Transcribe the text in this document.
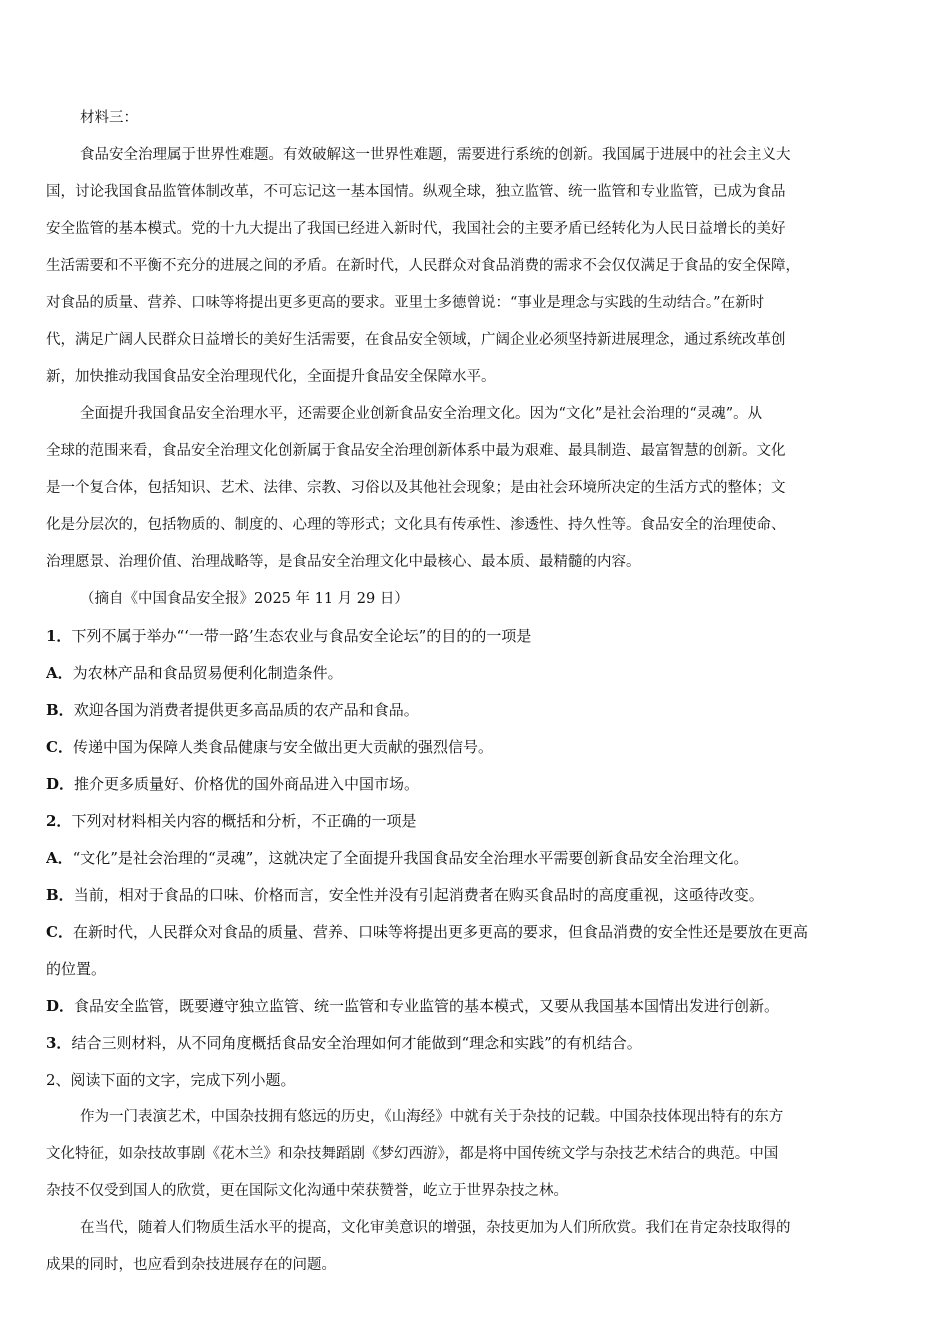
材料三：
食品安全治理属于世界性难题。有效破解这一世界性难题，需要进行系统的创新。我国属于进展中的社会主义大
国，讨论我国食品监管体制改革，不可忘记这一基本国情。纵观全球，独立监管、统一监管和专业监管，已成为食品
安全监管的基本模式。党的十九大提出了我国已经进入新时代，我国社会的主要矛盾已经转化为人民日益增长的美好
生活需要和不平衡不充分的进展之间的矛盾。在新时代，人民群众对食品消费的需求不会仅仅满足于食品的安全保障，
对食品的质量、营养、口味等将提出更多更高的要求。亚里士多德曾说：“事业是理念与实践的生动结合。”在新时
代，满足广阔人民群众日益增长的美好生活需要，在食品安全领域，广阔企业必须坚持新进展理念，通过系统改革创
新，加快推动我国食品安全治理现代化，全面提升食品安全保障水平。
全面提升我国食品安全治理水平，还需要企业创新食品安全治理文化。因为“文化”是社会治理的“灵魂”。从
全球的范围来看，食品安全治理文化创新属于食品安全治理创新体系中最为艰难、最具制造、最富智慧的创新。文化
是一个复合体，包括知识、艺术、法律、宗教、习俗以及其他社会现象；是由社会环境所决定的生活方式的整体；文
化是分层次的，包括物质的、制度的、心理的等形式；文化具有传承性、渗透性、持久性等。食品安全的治理使命、
治理愿景、治理价值、治理战略等，是食品安全治理文化中最核心、最本质、最精髓的内容。
（摘自《中国食品安全报》2025 年 11 月 29 日）
1．下列不属于举办“‘一带一路’生态农业与食品安全论坛”的目的的一项是
A．为农林产品和食品贸易便利化制造条件。
B．欢迎各国为消费者提供更多高品质的农产品和食品。
C．传递中国为保障人类食品健康与安全做出更大贡献的强烈信号。
D．推介更多质量好、价格优的国外商品进入中国市场。
2．下列对材料相关内容的概括和分析，不正确的一项是
A．“文化”是社会治理的“灵魂”，这就决定了全面提升我国食品安全治理水平需要创新食品安全治理文化。
B．当前，相对于食品的口味、价格而言，安全性并没有引起消费者在购买食品时的高度重视，这亟待改变。
C．在新时代，人民群众对食品的质量、营养、口味等将提出更多更高的要求，但食品消费的安全性还是要放在更高
的位置。
D．食品安全监管，既要遵守独立监管、统一监管和专业监管的基本模式，又要从我国基本国情出发进行创新。
3．结合三则材料，从不同角度概括食品安全治理如何才能做到“理念和实践”的有机结合。
2、阅读下面的文字，完成下列小题。
作为一门表演艺术，中国杂技拥有悠远的历史，《山海经》中就有关于杂技的记载。中国杂技体现出特有的东方
文化特征，如杂技故事剧《花木兰》和杂技舞蹈剧《梦幻西游》，都是将中国传统文学与杂技艺术结合的典范。中国
杂技不仅受到国人的欣赏，更在国际文化沟通中荣获赞誉，屹立于世界杂技之林。
在当代，随着人们物质生活水平的提高，文化审美意识的增强，杂技更加为人们所欣赏。我们在肯定杂技取得的
成果的同时，也应看到杂技进展存在的问题。
